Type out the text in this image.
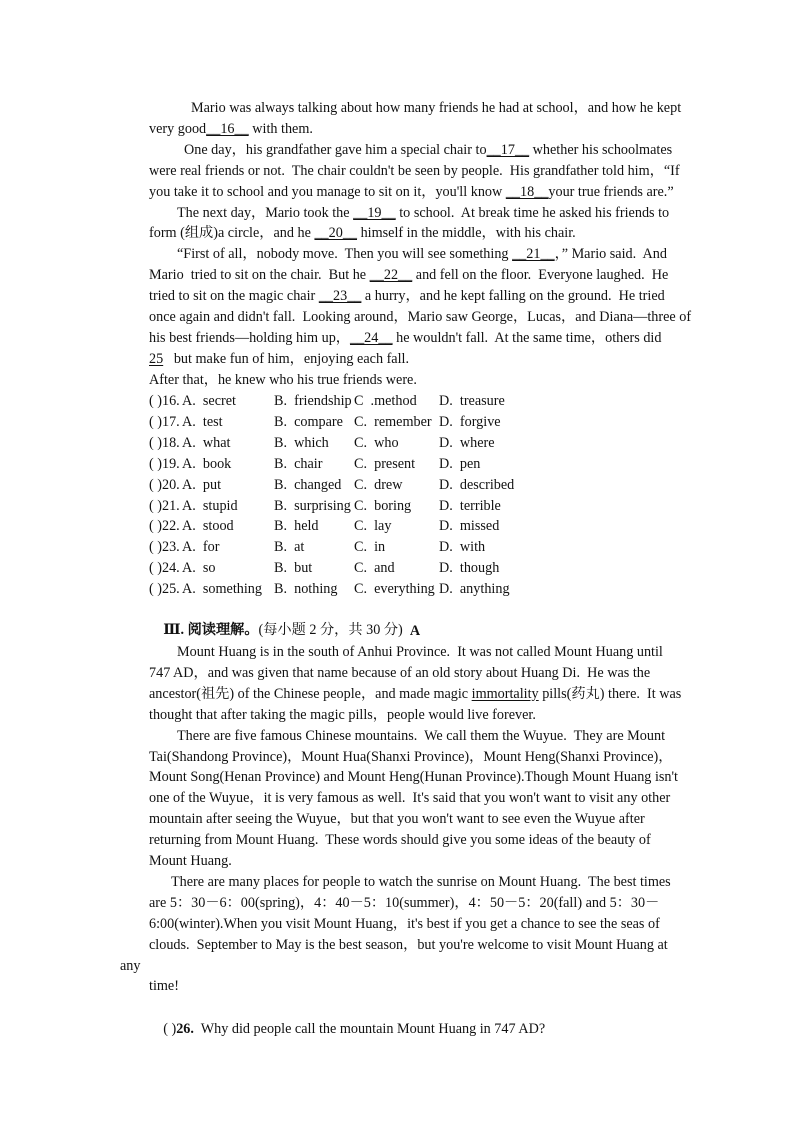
Mario was always talking about how many friends he had at school，and how he kept
very good__16__ with them.
One day，his grandfather gave him a special chair to__17__ whether his schoolmates
were real friends or not.  The chair couldn't be seen by people.  His grandfather told him，“If
you take it to school and you manage to sit on it，you'll know __18__your true friends are.”
The next day，Mario took the __19__ to school.  At break time he asked his friends to
form (组成)a circle，and he __20__ himself in the middle，with his chair.
“First of all，nobody move.  Then you will see something __21__，” Mario said.  And
Mario  tried to sit on the chair.  But he __22__ and fell on the floor.  Everyone laughed.  He
tried to sit on the magic chair __23__ a hurry，and he kept falling on the ground.  He tried
once again and didn't fall.  Looking around，Mario saw George，Lucas，and Diana—three of
his best friends—holding him up，__24__ he wouldn't fall.  At the same time，others did
25   but make fun of him，enjoying each fall.
After that，he knew who his true friends were.
( )16. A.  secret	B.  friendship C  .method D.  treasure
( )17. A.  test	B.  compare C.  remember D.  forgive
( )18. A.  what	B.  which C.  who	D.  where
( )19. A.  book	B.  chair C.  present D.  pen
( )20. A.  put	B.  changed C.  drew	D.  described
( )21. A.  stupid	B.  surprising C.  boring D.  terrible
( )22. A.  stood	B.  held C.  lay	D.  missed
( )23. A.  for	B.  at	C.  in	D.  with
( )24. A.  so	B.  but	C.  and	D.  though
( )25. A.  something B.  nothing C.  everything D.  anything

Ⅲ. 阅读理解。(每小题 2 分，共 30 分)
A
Mount Huang is in the south of Anhui Province.  It was not called Mount Huang until
747 AD，and was given that name because of an old story about Huang Di.  He was the
ancestor(祖先) of the Chinese people，and made magic immortality pills(药丸) there.  It was
thought that after taking the magic pills，people would live forever.
There are five famous Chinese mountains.  We call them the Wuyue.  They are Mount
Tai(Shandong Province)，Mount Hua(Shanxi Province)，Mount Heng(Shanxi Province)，
Mount Song(Henan Province) and Mount Heng(Hunan Province).Though Mount Huang isn't
one of the Wuyue，it is very famous as well.  It's said that you won't want to visit any other
mountain after seeing the Wuyue，but that you won't want to see even the Wuyue after
returning from Mount Huang.  These words should give you some ideas of the beauty of
Mount Huang.
There are many places for people to watch the sunrise on Mount Huang.  The best times
are 5：30－6：00(spring)，4：40－5：10(summer)，4：50－5：20(fall) and 5：30－
6:00(winter).When you visit Mount Huang，it's best if you get a chance to see the seas of
clouds.  September to May is the best season，but you're welcome to visit Mount Huang at
any
time!

( )26.  Why did people call the mountain Mount Huang in 747 AD?
